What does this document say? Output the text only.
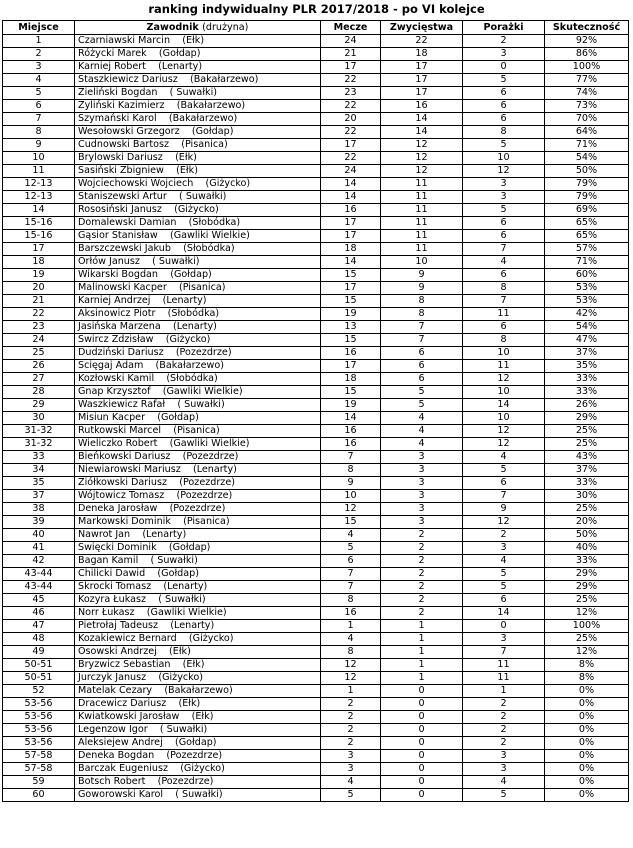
ranking indywidualny PLR 2017/2018 - po VI kolejce
Miejsce	Zawodnik (drużyna)	Mecze	Zwycięstwa	Porażki	Skuteczność
1	Czarniawski Marcin (Ełk)	24	22	2	92%
2	Różycki Marek (Gołdap)	21	18	3	86%
3	Karniej Robert (Lenarty)	17	17	0	100%
4	Staszkiewicz Dariusz (Bakałarzewo)	22	17	5	77%
5	Zieliński Bogdan ( Suwałki)	23	17	6	74%
6	Żyliński Kazimierz (Bakałarzewo)	22	16	6	73%
7	Szymański Karol (Bakałarzewo)	20	14	6	70%
8	Wesołowski Grzegorz (Gołdap)	22	14	8	64%
9	Cudnowski Bartosz (Pisanica)	17	12	5	71%
10	Brylowski Dariusz (Ełk)	22	12	10	54%
11	Sasiński Zbigniew (Ełk)	24	12	12	50%
12-13	Wojciechowski Wojciech (Giżycko)	14	11	3	79%
12-13	Staniszewski Artur ( Suwałki)	14	11	3	79%
14	Rososiński Janusz (Giżycko)	16	11	5	69%
15-16	Domalewski Damian (Słobódka)	17	11	6	65%
15-16	Gąsior Stanisław (Gawliki Wielkie)	17	11	6	65%
17	Barszczewski Jakub (Słobódka)	18	11	7	57%
18	Orłów Janusz ( Suwałki)	14	10	4	71%
19	Wikarski Bogdan (Gołdap)	15	9	6	60%
20	Malinowski Kacper (Pisanica)	17	9	8	53%
21	Karniej Andrzej (Lenarty)	15	8	7	53%
22	Aksinowicz Piotr (Słobódka)	19	8	11	42%
23	Jasińska Marzena (Lenarty)	13	7	6	54%
24	Śwircz Zdzisław (Giżycko)	15	7	8	47%
25	Dudziński Dariusz (Pozezdrze)	16	6	10	37%
26	Ścięgaj Adam (Bakałarzewo)	17	6	11	35%
27	Kozłowski Kamil (Słobódka)	18	6	12	33%
28	Gnap Krzysztof (Gawliki Wielkie)	15	5	10	33%
29	Waszkiewicz Rafał ( Suwałki)	19	5	14	26%
30	Misiun Kacper (Gołdap)	14	4	10	29%
31-32	Rutkowski Marcel (Pisanica)	16	4	12	25%
31-32	Wieliczko Robert (Gawliki Wielkie)	16	4	12	25%
33	Bieńkowski Dariusz (Pozezdrze)	7	3	4	43%
34	Niewiarowski Mariusz (Lenarty)	8	3	5	37%
35	Ziółkowski Dariusz (Pozezdrze)	9	3	6	33%
37	Wójtowicz Tomasz (Pozezdrze)	10	3	7	30%
38	Deneka Jarosław (Pozezdrze)	12	3	9	25%
39	Markowski Dominik (Pisanica)	15	3	12	20%
40	Nawrot Jan (Lenarty)	4	2	2	50%
41	Święcki Dominik (Gołdap)	5	2	3	40%
42	Bagan Kamil ( Suwałki)	6	2	4	33%
43-44	Chilicki Dawid (Gołdap)	7	2	5	29%
43-44	Skrocki Tomasz (Lenarty)	7	2	5	29%
45	Kozyra Łukasz ( Suwałki)	8	2	6	25%
46	Norr Łukasz (Gawliki Wielkie)	16	2	14	12%
47	Pietrołaj Tadeusz (Lenarty)	1	1	0	100%
48	Kozakiewicz Bernard (Giżycko)	4	1	3	25%
49	Osowski Andrzej (Ełk)	8	1	7	12%
50-51	Bryzwicz Sebastian (Ełk)	12	1	11	8%
50-51	Jurczyk Janusz (Giżycko)	12	1	11	8%
52	Matelak Cezary (Bakałarzewo)	1	0	1	0%
53-56	Dracewicz Dariusz (Ełk)	2	0	2	0%
53-56	Kwiatkowski Jarosław (Ełk)	2	0	2	0%
53-56	Legenzow Igor ( Suwałki)	2	0	2	0%
53-56	Aleksiejew Andrej (Gołdap)	2	0	2	0%
57-58	Deneka Bogdan (Pozezdrze)	3	0	3	0%
57-58	Barczak Eugeniusz (Giżycko)	3	0	3	0%
59	Botsch Robert (Pozezdrze)	4	0	4	0%
60	Goworowski Karol ( Suwałki)	5	0	5	0%
